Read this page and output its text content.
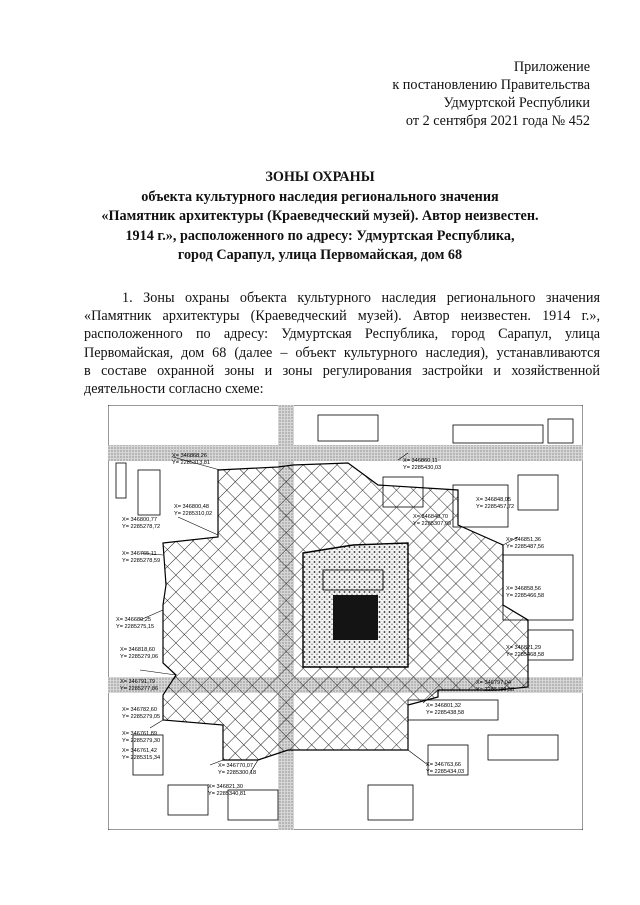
Приложение
к постановлению Правительства
Удмуртской Республики
от 2 сентября 2021 года № 452
ЗОНЫ ОХРАНЫ
объекта культурного наследия регионального значения
«Памятник архитектуры (Краеведческий музей). Автор неизвестен.
1914 г.», расположенного по адресу: Удмуртская Республика,
город Сарапул, улица Первомайская, дом 68
1. Зоны охраны объекта культурного наследия регионального значения
«Памятник архитектуры (Краеведческий музей). Автор неизвестен. 1914 г.»,
расположенного по адресу: Удмуртская Республика, город Сарапул, улица
Первомайская, дом 68 (далее – объект культурного наследия), устанавливаются
в составе охранной зоны и зоны регулирования застройки и хозяйственной
деятельности согласно схеме:
X= 346868,26
Y= 2285313,81	X= 346860,11
Y= 2285430,03
X= 346800,48
Y= 2285310,02
X= 346800,77
Y= 2285278,72
X= 346765,11
Y= 2285278,59
X= 346680,25
Y= 2285275,15
X= 346818,60
Y= 2285279,06
X= 346791,79
Y= 2285277,86
X= 346782,60
Y= 2285279,05
X= 346761,89
Y= 2285279,30
X= 346761,42
Y= 2285315,34
X= 346770,07
Y= 2285300,18
X= 346840,70
Y= 2285307,09
X= 346848,05
Y= 2285457,72
X= 346851,36
Y= 2285487,56
X= 346821,29
Y= 2285468,58
X= 346797,04
Y= 2285489,50
X= 346801,32
Y= 2285438,58
X= 346763,66
Y= 2285434,03
X= 346821,30
Y= 2285340,81
X= 346858,56
Y= 2285466,58
